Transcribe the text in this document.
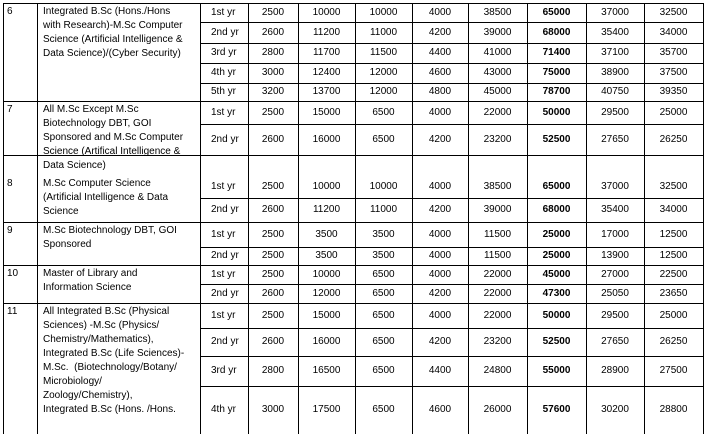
6	Integrated B.Sc (Hons./Hons
with Research)-M.Sc Computer
Science (Artificial Intelligence &
Data Science)/(Cyber Security)
1st yr	2500	10000	10000	4000	38500	65000	37000	32500
2nd yr	2600	11200	11000	4200	39000	68000	35400	34000
3rd yr	2800	11700	11500	4400	41000	71400	37100	35700
4th yr	3000	12400	12000	4600	43000	75000	38900	37500
5th yr	3200	13700	12000	4800	45000	78700	40750	39350
7	All M.Sc Except M.Sc
Biotechnology DBT, GOI
Sponsored and M.Sc Computer
Science (Artifical Intelligence &
Data Science)
1st yr	2500	15000	6500	4000	22000	50000	29500	25000
2nd yr	2600	16000	6500	4200	23200	52500	27650	26250
8	M.Sc Computer Science
(Artificial Intelligence & Data
Science
1st yr	2500	10000	10000	4000	38500	65000	37000	32500
2nd yr	2600	11200	11000	4200	39000	68000	35400	34000
9	M.Sc Biotechnology DBT, GOI
Sponsored
1st yr	2500	3500	3500	4000	11500	25000	17000	12500
2nd yr	2500	3500	3500	4000	11500	25000	13900	12500
10 Master of Library and
Information Science
1st yr	2500	10000	6500	4000	22000	45000	27000	22500
2nd yr	2600	12000	6500	4200	22000	47300	25050	23650
11	All Integrated B.Sc (Physical
Sciences) -M.Sc (Physics/
Chemistry/Mathematics),
Integrated B.Sc (Life Sciences)-
M.Sc.  (Biotechnology/Botany/
Microbiology/
Zoology/Chemistry),
Integrated B.Sc (Hons. /Hons.
1st yr	2500	15000	6500	4000	22000	50000	29500	25000
2nd yr	2600	16000	6500	4200	23200	52500	27650	26250
3rd yr	2800	16500	6500	4400	24800	55000	28900	27500
4th yr	3000	17500	6500	4600	26000	57600	30200	28800
